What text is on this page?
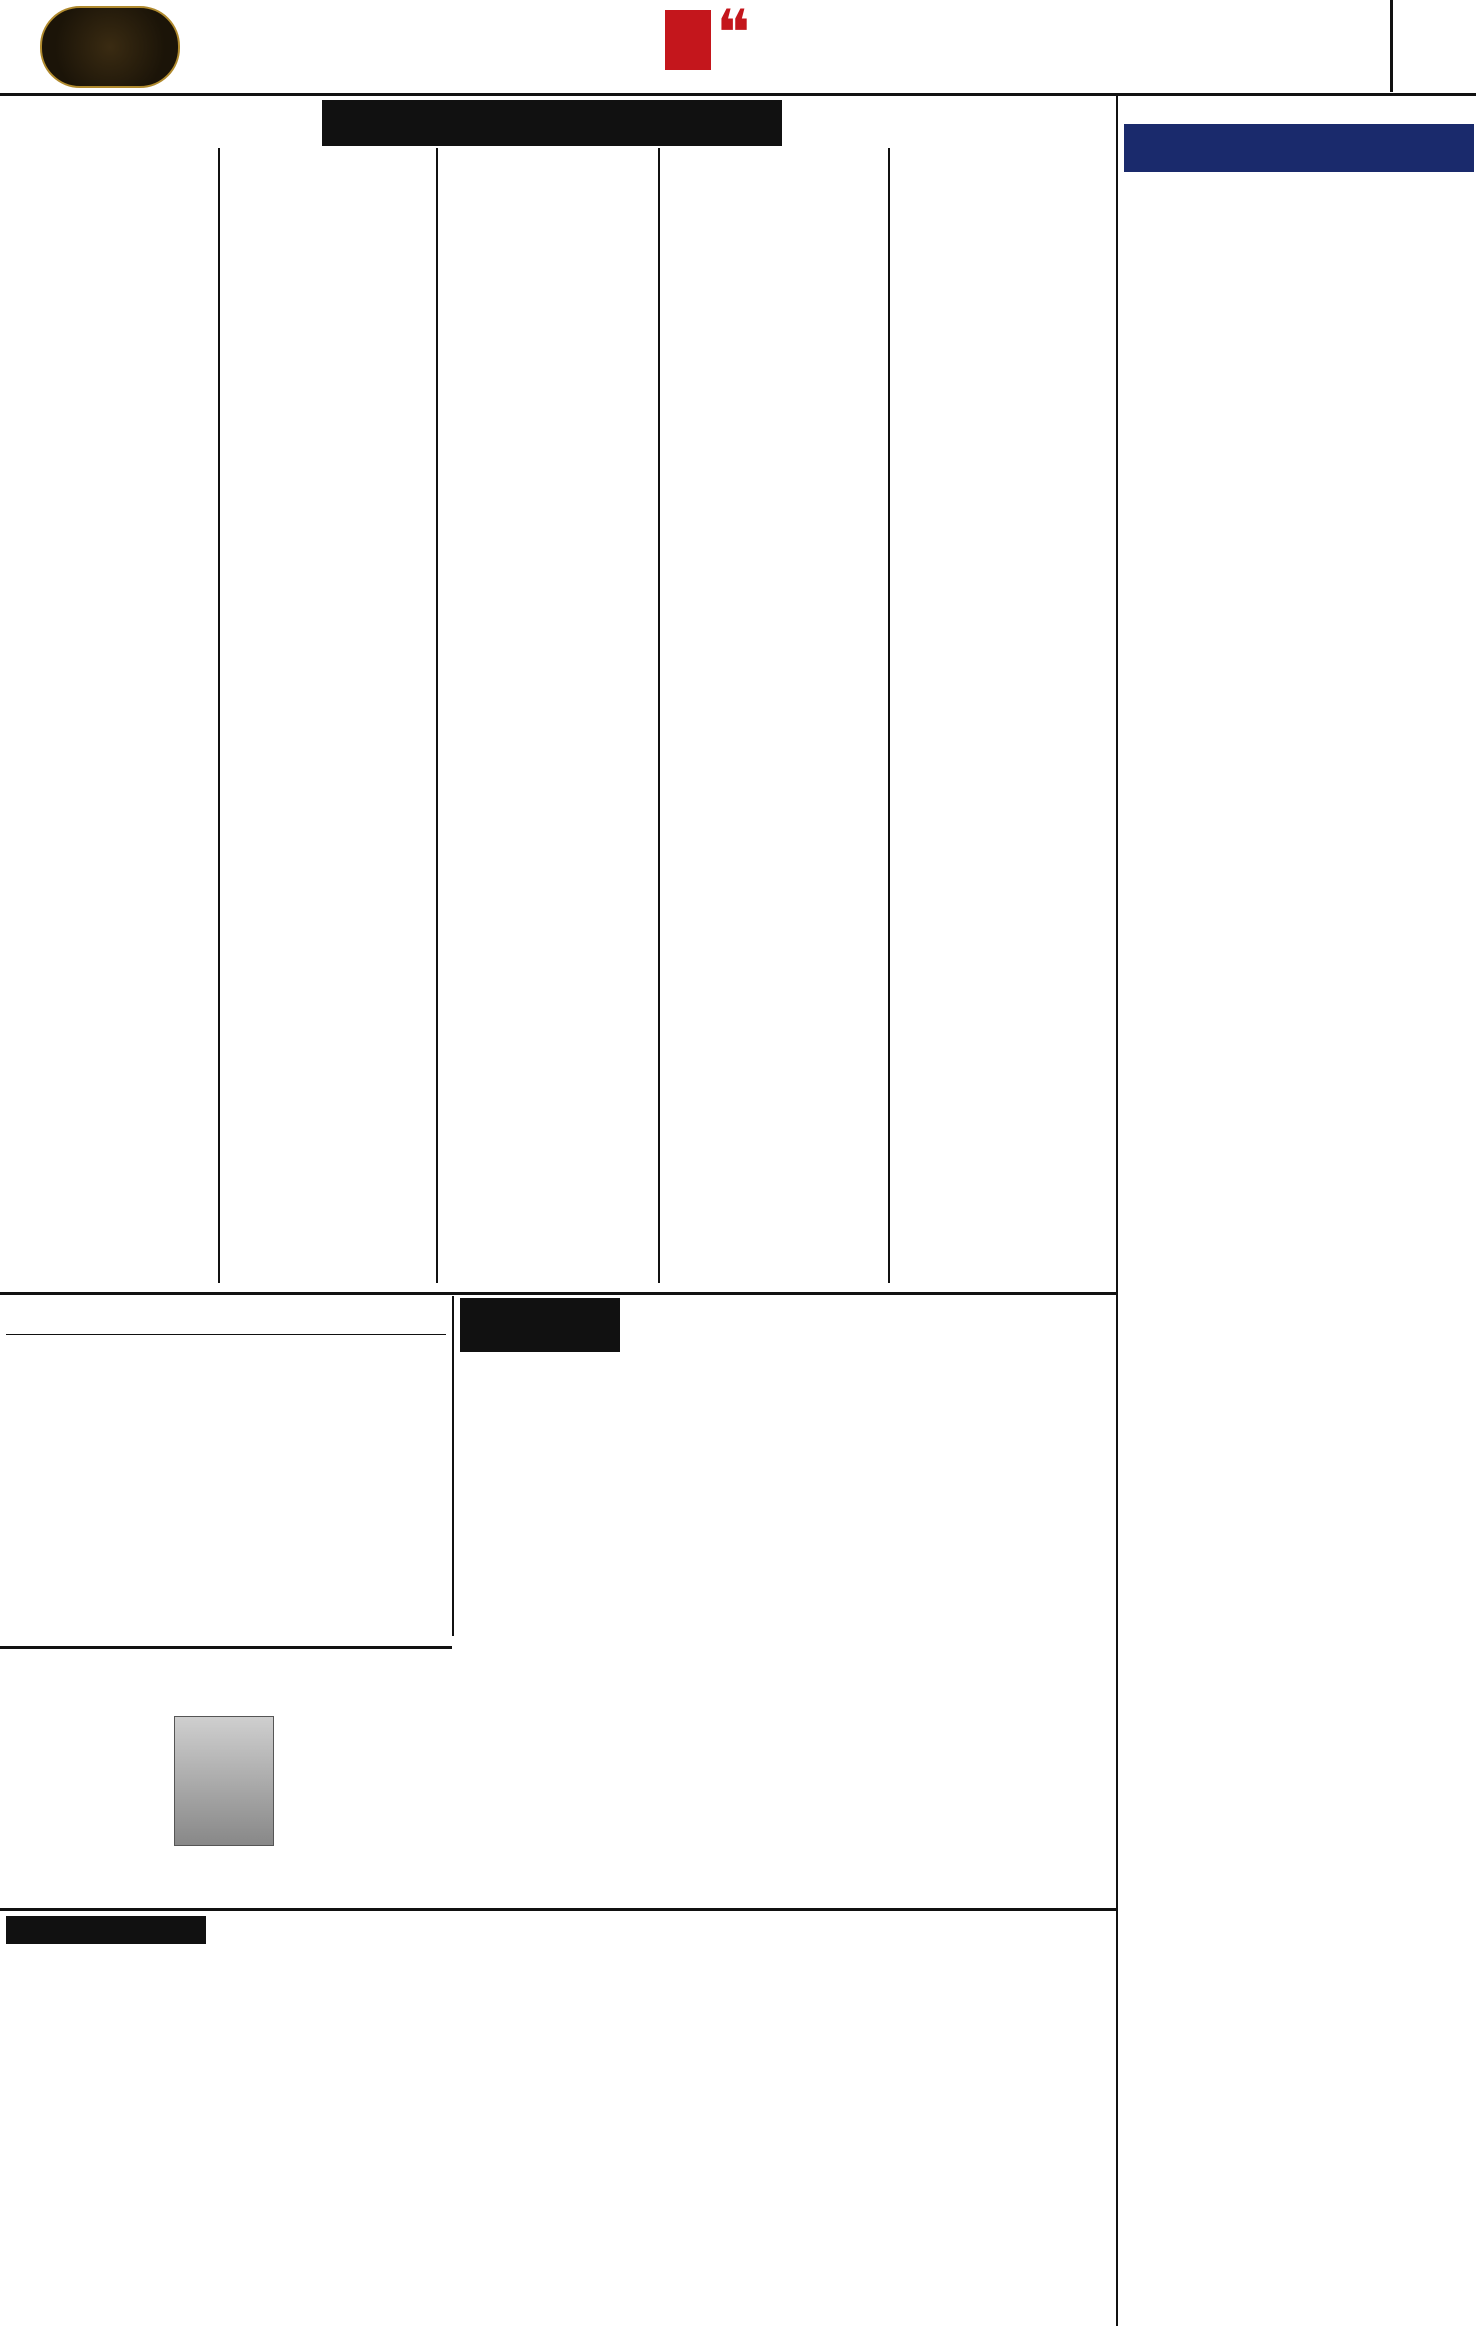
❝
